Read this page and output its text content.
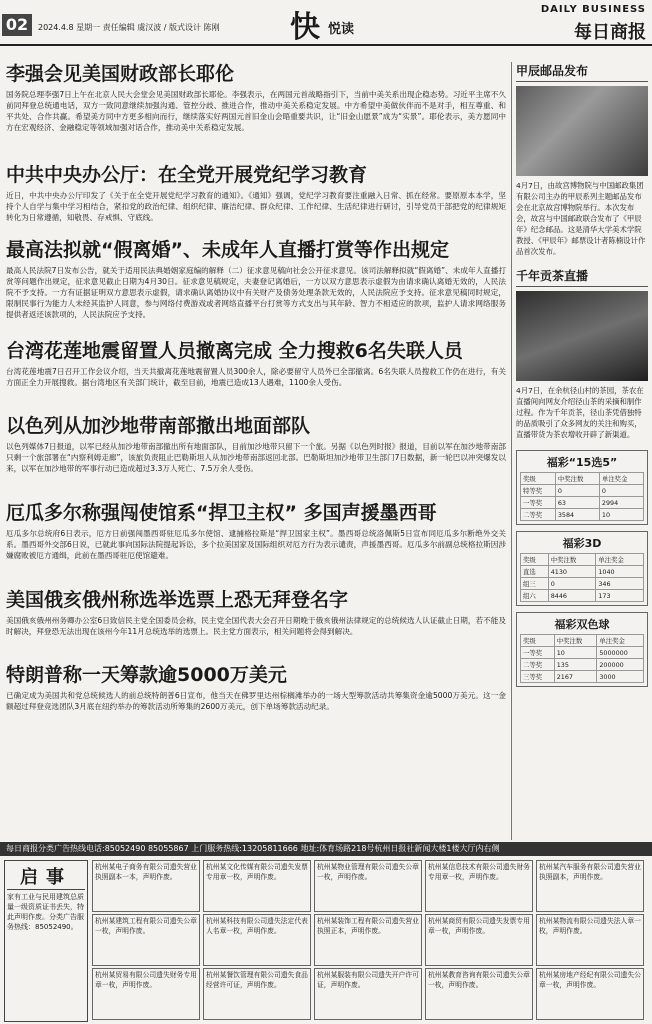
02	2024.4.8 星期一 责任编辑 虞汉波 / 版式设计 陈刚 快 悦读
DAILY BUSINESS
每日商报
李强会见美国财政部长耶伦

国务院总理李强7日上午在北京人民大会堂会见美国财政部长耶伦。李强表示，在两国元首战略指引下，当前中美关系出现企稳态势。习近平主席不久前同拜登总统通电话，双方一致同意继续加强沟通、管控分歧、推进合作，推动中美关系稳定发展。中方希望中美做伙伴而不是对手，相互尊重、和平共处、合作共赢。希望美方同中方更多相向而行，继续落实好两国元首旧金山会晤重要共识，让“旧金山愿景”成为“实景”。耶伦表示，美方愿同中方在宏观经济、金融稳定等领域加强对话合作，推动美中关系稳定发展。

中共中央办公厅：在全党开展党纪学习教育

近日，中共中央办公厅印发了《关于在全党开展党纪学习教育的通知》。《通知》强调，党纪学习教育要注重融入日常、抓在经常。要原原本本学，坚持个人自学与集中学习相结合，紧扣党的政治纪律、组织纪律、廉洁纪律、群众纪律、工作纪律、生活纪律进行研讨，引导党员干部把党的纪律规矩转化为日常遵循，知敬畏、存戒惧、守底线。

最高法拟就“假离婚”、未成年人直播打赏等作出规定

最高人民法院7日发布公告，就关于适用民法典婚姻家庭编的解释（二）征求意见稿向社会公开征求意见。该司法解释拟就“假离婚”、未成年人直播打赏等问题作出规定，征求意见截止日期为4月30日。征求意见稿规定，夫妻登记离婚后，一方以双方意思表示虚假为由请求确认离婚无效的，人民法院不予支持。一方有证据证明双方意思表示虚假，请求确认离婚协议中有关财产及债务处理条款无效的，人民法院应予支持。征求意见稿同时规定，限制民事行为能力人未经其监护人同意，参与网络付费游戏或者网络直播平台打赏等方式支出与其年龄、智力不相适应的款项，监护人请求网络服务提供者返还该款项的，人民法院应予支持。

台湾花莲地震留置人员撤离完成 全力搜救6名失联人员

台湾花莲地震7日召开工作会议介绍，当天共撤离花莲地震留置人员300余人，除必要留守人员外已全部撤离。6名失联人员搜救工作仍在进行，有关方面正全力开展搜救。据台湾地区有关部门统计，截至目前，地震已造成13人遇难，1100余人受伤。

以色列从加沙地带南部撤出地面部队

以色列媒体7日报道，以军已经从加沙地带南部撤出所有地面部队，目前加沙地带只留下一个旅。另据《以色列时报》报道，目前以军在加沙地带南部只剩一个旅部署在“内察利姆走廊”，该旅负责阻止巴勒斯坦人从加沙地带南部返回北部。巴勒斯坦加沙地带卫生部门7日数据，新一轮巴以冲突爆发以来，以军在加沙地带的军事行动已造成超过3.3万人死亡、7.5万余人受伤。

厄瓜多尔称强闯使馆系“捍卫主权” 多国声援墨西哥

厄瓜多尔总统府6日表示，厄方日前强闯墨西哥驻厄瓜多尔使馆、逮捕格拉斯是“捍卫国家主权”。墨西哥总统洛佩斯5日宣布同厄瓜多尔断绝外交关系。墨西哥外交部6日说，已就此事向国际法院提起诉讼，多个拉美国家及国际组织对厄方行为表示谴责，声援墨西哥。厄瓜多尔前副总统格拉斯因涉嫌腐败被厄方通缉，此前在墨西哥驻厄使馆避难。

美国俄亥俄州称选举选票上恐无拜登名字

美国俄亥俄州州务卿办公室6日致信民主党全国委员会称，民主党全国代表大会召开日期晚于俄亥俄州法律规定的总统候选人认证截止日期，若不能及时解决，拜登恐无法出现在该州今年11月总统选举的选票上。民主党方面表示，相关问题将会得到解决。

特朗普称一天筹款逾5000万美元

已确定成为美国共和党总统候选人的前总统特朗普6日宣布，他当天在佛罗里达州棕榈滩举办的一场大型筹款活动共筹集资金逾5000万美元。这一金额超过拜登竞选团队3月底在纽约举办的筹款活动所筹集的2600万美元，创下单场筹款活动纪录。

甲辰邮品发布

4月7日，由故宫博物院与中国邮政集团有限公司主办的甲辰系列主题邮品发布会在北京故宫博物院举行。本次发布会，故宫与中国邮政联合发布了《甲辰年》纪念邮品。这是清华大学美术学院教授、《甲辰年》邮票设计者陈楠设计作品首次发布。

千年贡茶直播

4月7日，在余杭径山村的茶园，茶农在直播间向网友介绍径山茶的采摘和制作过程。作为千年贡茶，径山茶凭借独特的品质吸引了众多网友的关注和购买，直播带货为茶农增收开辟了新渠道。

福彩“15选5”
奖级	中奖注数	单注奖金
特等奖	0	0
一等奖	63	2994
二等奖	3584	10
福彩3D
奖级	中奖注数	单注奖金
直选	4130	1040
组三	0	346
组六	8446	173
福彩双色球
奖级	中奖注数	单注奖金
一等奖	10	5000000
二等奖	135	200000
三等奖	2167	3000
每日商报分类广告热线电话:85052490 85055867 上门服务热线:13205811666 地址:体育场路218号杭州日报社新闻大楼1楼大厅内右侧
启事
家有工业与民用建筑总质量一级资质证书丢失，特此声明作废。分类广告服务热线：85052490。
杭州某电子商务有限公司遗失营业执照副本一本，声明作废。
杭州某建筑工程有限公司遗失公章一枚，声明作废。
杭州某贸易有限公司遗失财务专用章一枚，声明作废。
杭州某文化传媒有限公司遗失发票专用章一枚，声明作废。
杭州某科技有限公司遗失法定代表人名章一枚，声明作废。
杭州某餐饮管理有限公司遗失食品经营许可证，声明作废。
杭州某物业管理有限公司遗失公章一枚，声明作废。
杭州某装饰工程有限公司遗失营业执照正本，声明作废。
杭州某服装有限公司遗失开户许可证，声明作废。
杭州某信息技术有限公司遗失财务专用章一枚，声明作废。
杭州某商贸有限公司遗失发票专用章一枚，声明作废。
杭州某教育咨询有限公司遗失公章一枚，声明作废。
杭州某汽车服务有限公司遗失营业执照副本，声明作废。
杭州某物流有限公司遗失法人章一枚，声明作废。
杭州某房地产经纪有限公司遗失公章一枚，声明作废。
